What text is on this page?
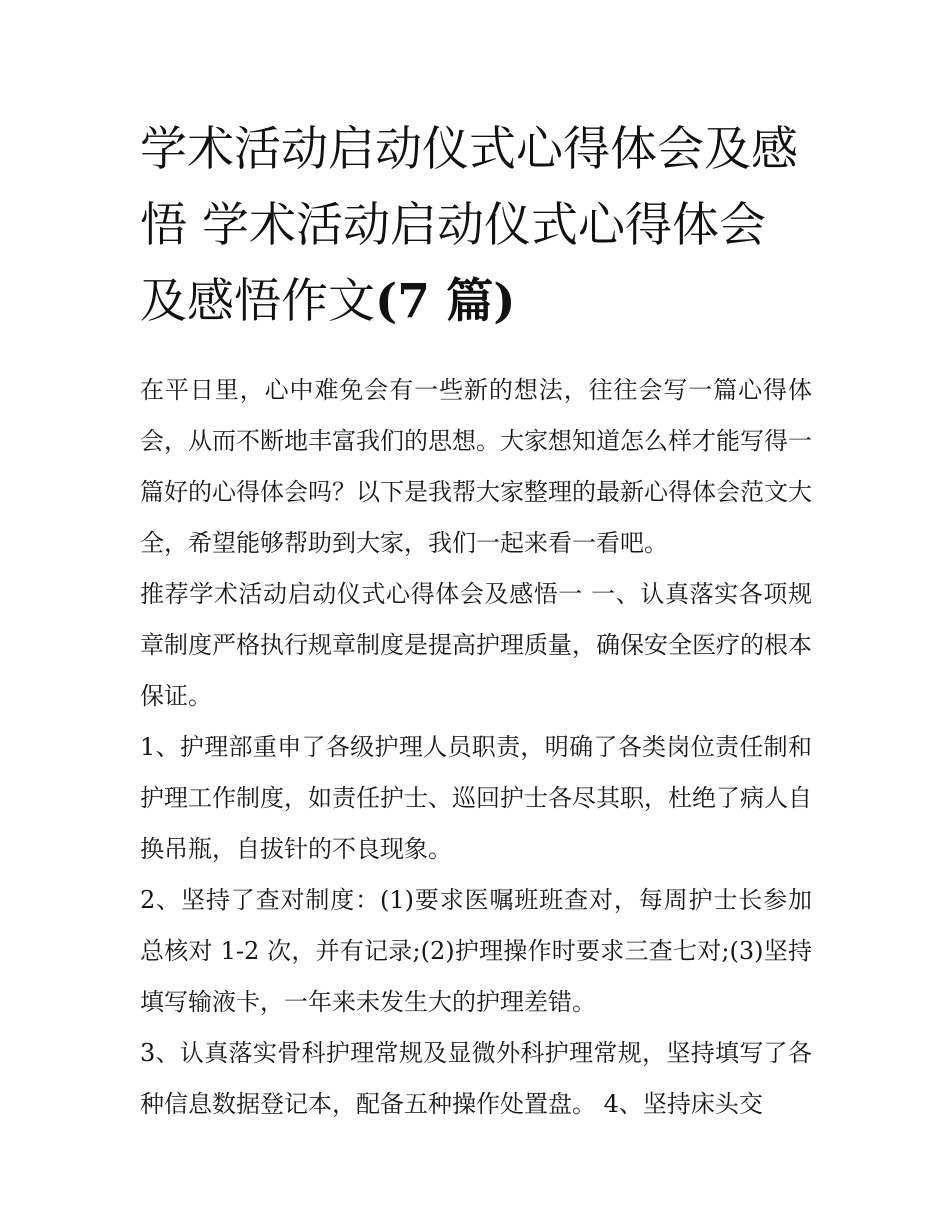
学术活动启动仪式心得体会及感悟 学术活动启动仪式心得体会及感悟作文(7 篇)

在平日里，心中难免会有一些新的想法，往往会写一篇心得体会，从而不断地丰富我们的思想。大家想知道怎么样才能写得一篇好的心得体会吗？以下是我帮大家整理的最新心得体会范文大全，希望能够帮助到大家，我们一起来看一看吧。

推荐学术活动启动仪式心得体会及感悟一 一、认真落实各项规章制度严格执行规章制度是提高护理质量，确保安全医疗的根本保证。

1、护理部重申了各级护理人员职责，明确了各类岗位责任制和护理工作制度，如责任护士、巡回护士各尽其职，杜绝了病人自换吊瓶，自拔针的不良现象。

2、坚持了查对制度：(1)要求医嘱班班查对，每周护士长参加总核对 1-2 次，并有记录;(2)护理操作时要求三查七对;(3)坚持填写输液卡，一年来未发生大的护理差错。

3、认真落实骨科护理常规及显微外科护理常规，坚持填写了各种信息数据登记本，配备五种操作处置盘。 4、坚持床头交
